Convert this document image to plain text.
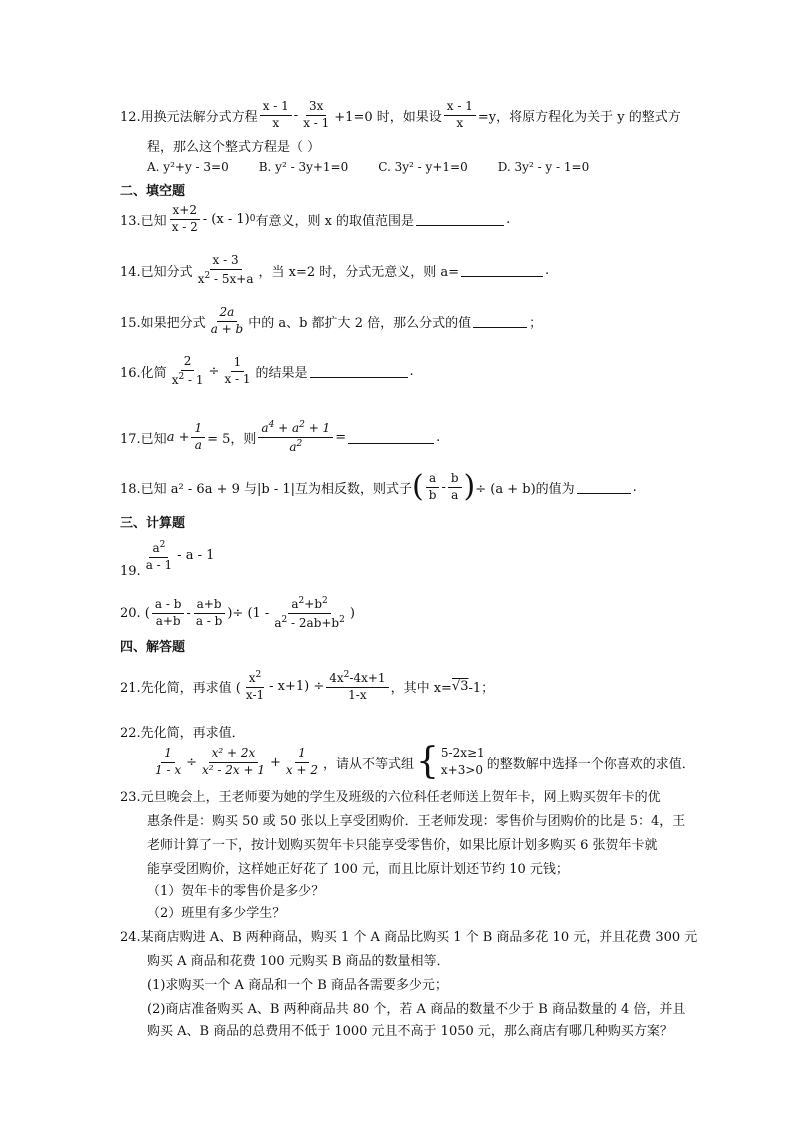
12.用换元法解分式方程 $\frac{x - 1}{x} - \frac{3x}{x - 1} +1=0$ 时，如果设 $\frac{x - 1}{x} =y$，将原方程化为关于 y 的整式方
程，那么这个整式方程是（ ）
A. y²+y - 3=0	B. y² - 3y+1=0	C. 3y² - y+1=0	D. 3y² - y - 1=0
二、填空题
13.已知 $\frac{x+2}{x - 2} - (x - 1)$ 0 有意义，则 x 的取值范围是	.
14.已知分式 $\frac{x - 3}{x^2 - 5x+a}$ ，当 x=2 时，分式无意义，则 a=	.
15.如果把分式 $\frac{2a}{a + b}$ 中的 a、b 都扩大 2 倍，那么分式的值	；
16.化简 $\frac{2}{x^2 - 1} \div \frac{1}{x - 1}$ 的结果是	.
17.已知 $a + \frac{1}{a} = 5$，则 $\frac{a^4 + a^2 + 1}{a^2}$ =	.
18.已知 a² - 6a + 9 与|b - 1|互为相反数，则式子 ( $\frac{a}{b} - \frac{b}{a}$ ) ÷ (a + b)的值为	.
三、计算题
19. $\frac{a^2}{a - 1}$ - a - 1
20. ( $\frac{a - b}{a+b} - \frac{a+b}{a - b}$ )÷ ($1 - \frac{a^2+b^2}{a^2 - 2ab+b^2}$ )
四、解答题
21.先化简，再求值 ( $\frac{x^2}{x-1} - x+1) \div \frac{4x^2-4x+1}{1-x}$ ，其中 x= √3 -1；
22.先化简，再求值．
$\frac{1}{1 - x} \div \frac{\text{x² + 2x}}{\text{x² - 2x + 1}} + \frac{1}{x + 2}$ ，请从不等式组 { 5-2x≥1
x+3>0 的整数解中选择一个你喜欢的求值．
23.元旦晚会上，王老师要为她的学生及班级的六位科任老师送上贺年卡，网上购买贺年卡的优
惠条件是：购买 50 或 50 张以上享受团购价．王老师发现：零售价与团购价的比是 5：4，王
老师计算了一下，按计划购买贺年卡只能享受零售价，如果比原计划多购买 6 张贺年卡就
能享受团购价，这样她正好花了 100 元，而且比原计划还节约 10 元钱；
（1）贺年卡的零售价是多少？
（2）班里有多少学生？
24.某商店购进 A、B 两种商品，购买 1 个 A 商品比购买 1 个 B 商品多花 10 元，并且花费 300 元
购买 A 商品和花费 100 元购买 B 商品的数量相等．
(1)求购买一个 A 商品和一个 B 商品各需要多少元；
(2)商店准备购买 A、B 两种商品共 80 个，若 A 商品的数量不少于 B 商品数量的 4 倍，并且
购买 A、B 商品的总费用不低于 1000 元且不高于 1050 元，那么商店有哪几种购买方案？
